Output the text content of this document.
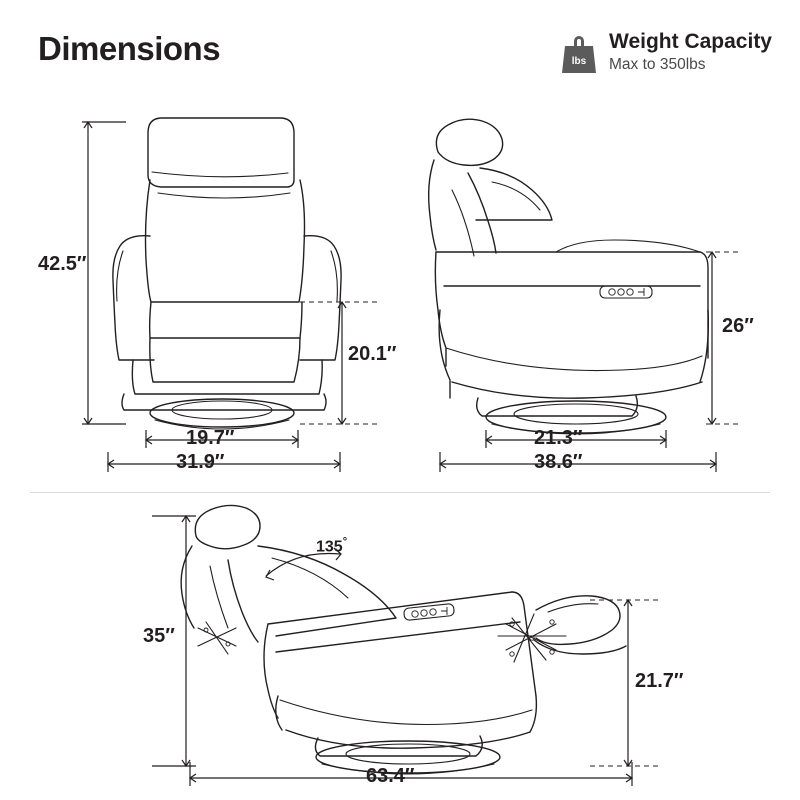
Dimensions	lbs
Weight Capacity
Max to 350lbs
42.5″
20.1″
19.7″
31.9″
26″
21.3″
38.6″
135°
35″
21.7″
63.4″
